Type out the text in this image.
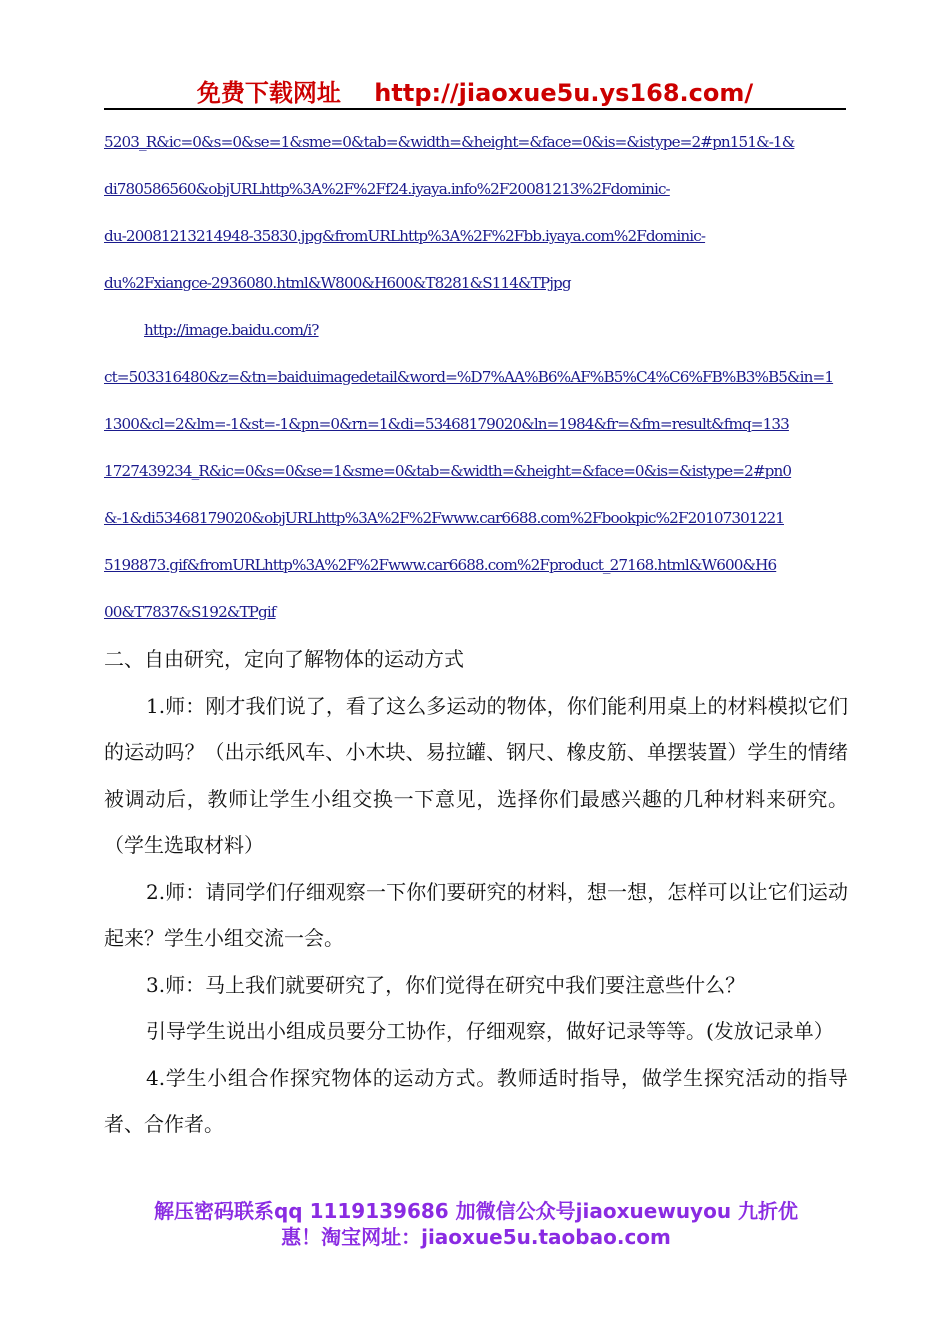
免费下载网址 http://jiaoxue5u.ys168.com/
5203_R&ic=0&s=0&se=1&sme=0&tab=&width=&height=&face=0&is=&istype=2#pn151&-1&
di780586560&objURLhttp%3A%2F%2Ff24.iyaya.info%2F20081213%2Fdominic-
du-20081213214948-35830.jpg&fromURLhttp%3A%2F%2Fbb.iyaya.com%2Fdominic-
du%2Fxiangce-2936080.html&W800&H600&T8281&S114&TPjpg
http://image.baidu.com/i?
ct=503316480&z=&tn=baiduimagedetail&word=%D7%AA%B6%AF%B5%C4%C6%FB%B3%B5&in=1
1300&cl=2&lm=-1&st=-1&pn=0&rn=1&di=53468179020&ln=1984&fr=&fm=result&fmq=133
1727439234_R&ic=0&s=0&se=1&sme=0&tab=&width=&height=&face=0&is=&istype=2#pn0
&-1&di53468179020&objURLhttp%3A%2F%2Fwww.car6688.com%2Fbookpic%2F20107301221
5198873.gif&fromURLhttp%3A%2F%2Fwww.car6688.com%2Fproduct_27168.html&W600&H6
00&T7837&S192&TPgif

二、自由研究，定向了解物体的运动方式

1.师：刚才我们说了，看了这么多运动的物体，你们能利用桌上的材料模拟它们的运动吗？（出示纸风车、小木块、易拉罐、钢尺、橡皮筋、单摆装置）学生的情绪被调动后，教师让学生小组交换一下意见，选择你们最感兴趣的几种材料来研究。（学生选取材料）

2.师：请同学们仔细观察一下你们要研究的材料，想一想，怎样可以让它们运动起来？学生小组交流一会。

3.师：马上我们就要研究了，你们觉得在研究中我们要注意些什么？

引导学生说出小组成员要分工协作，仔细观察，做好记录等等。(发放记录单）

4.学生小组合作探究物体的运动方式。教师适时指导，做学生探究活动的指导者、合作者。

解压密码联系qq 1119139686 加微信公众号jiaoxuewuyou 九折优
惠！淘宝网址：jiaoxue5u.taobao.com
